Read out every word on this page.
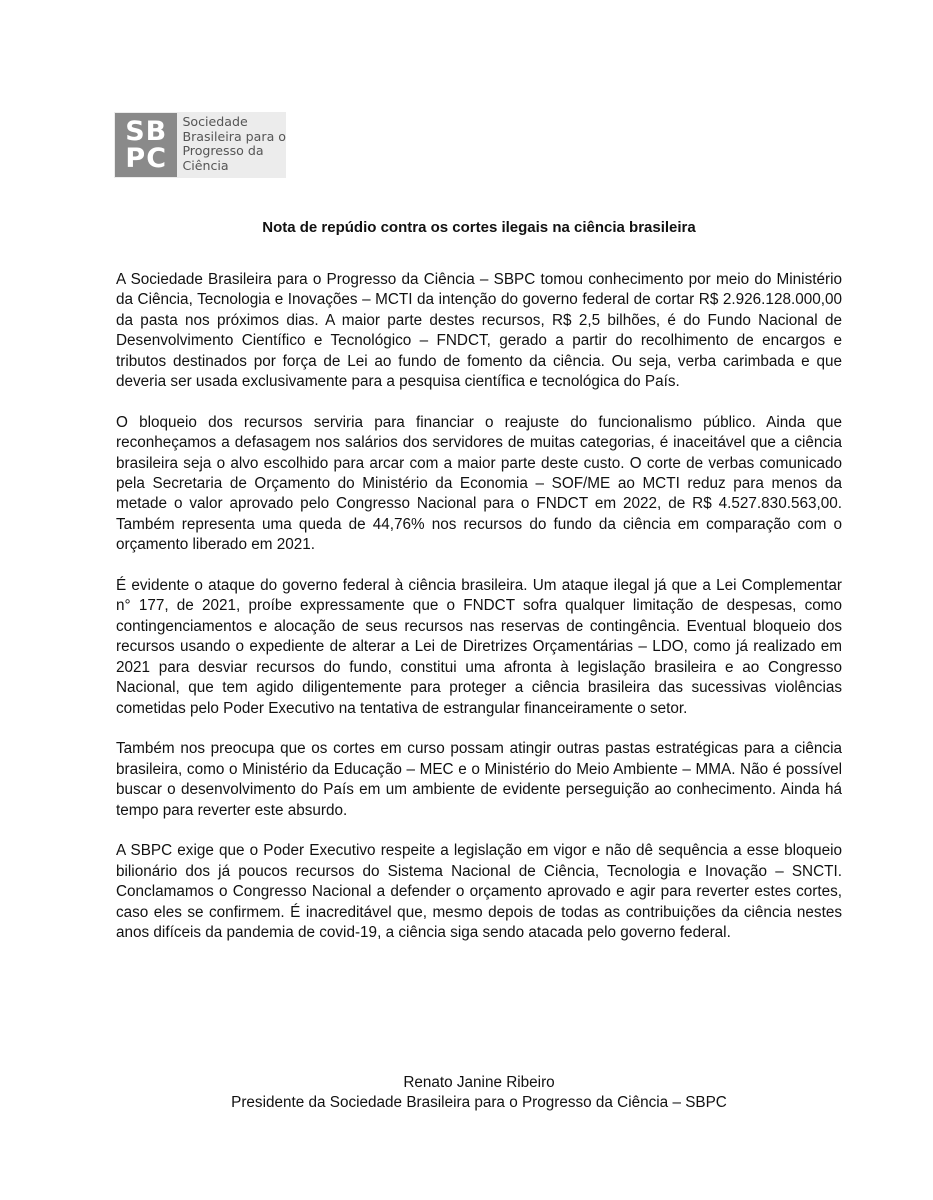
SB
PC
Sociedade
Brasileira para o
Progresso da
Ciência
Nota de repúdio contra os cortes ilegais na ciência brasileira

A Sociedade Brasileira para o Progresso da Ciência – SBPC tomou conhecimento por meio do Ministério da Ciência, Tecnologia e Inovações – MCTI da intenção do governo federal de cortar R$ 2.926.128.000,00 da pasta nos próximos dias. A maior parte destes recursos, R$ 2,5 bilhões, é do Fundo Nacional de Desenvolvimento Científico e Tecnológico – FNDCT, gerado a partir do recolhimento de encargos e tributos destinados por força de Lei ao fundo de fomento da ciência. Ou seja, verba carimbada e que deveria ser usada exclusivamente para a pesquisa científica e tecnológica do País.

O bloqueio dos recursos serviria para financiar o reajuste do funcionalismo público. Ainda que reconheçamos a defasagem nos salários dos servidores de muitas categorias, é inaceitável que a ciência brasileira seja o alvo escolhido para arcar com a maior parte deste custo. O corte de verbas comunicado pela Secretaria de Orçamento do Ministério da Economia – SOF/ME ao MCTI reduz para menos da metade o valor aprovado pelo Congresso Nacional para o FNDCT em 2022, de R$ 4.527.830.563,00. Também representa uma queda de 44,76% nos recursos do fundo da ciência em comparação com o orçamento liberado em 2021.

É evidente o ataque do governo federal à ciência brasileira. Um ataque ilegal já que a Lei Complementar n° 177, de 2021, proíbe expressamente que o FNDCT sofra qualquer limitação de despesas, como contingenciamentos e alocação de seus recursos nas reservas de contingência. Eventual bloqueio dos recursos usando o expediente de alterar a Lei de Diretrizes Orçamentárias – LDO, como já realizado em 2021 para desviar recursos do fundo, constitui uma afronta à legislação brasileira e ao Congresso Nacional, que tem agido diligentemente para proteger a ciência brasileira das sucessivas violências cometidas pelo Poder Executivo na tentativa de estrangular financeiramente o setor.

Também nos preocupa que os cortes em curso possam atingir outras pastas estratégicas para a ciência brasileira, como o Ministério da Educação – MEC e o Ministério do Meio Ambiente – MMA. Não é possível buscar o desenvolvimento do País em um ambiente de evidente perseguição ao conhecimento. Ainda há tempo para reverter este absurdo.

A SBPC exige que o Poder Executivo respeite a legislação em vigor e não dê sequência a esse bloqueio bilionário dos já poucos recursos do Sistema Nacional de Ciência, Tecnologia e Inovação – SNCTI. Conclamamos o Congresso Nacional a defender o orçamento aprovado e agir para reverter estes cortes, caso eles se confirmem. É inacreditável que, mesmo depois de todas as contribuições da ciência nestes anos difíceis da pandemia de covid-19, a ciência siga sendo atacada pelo governo federal.

Renato Janine Ribeiro
Presidente da Sociedade Brasileira para o Progresso da Ciência – SBPC
